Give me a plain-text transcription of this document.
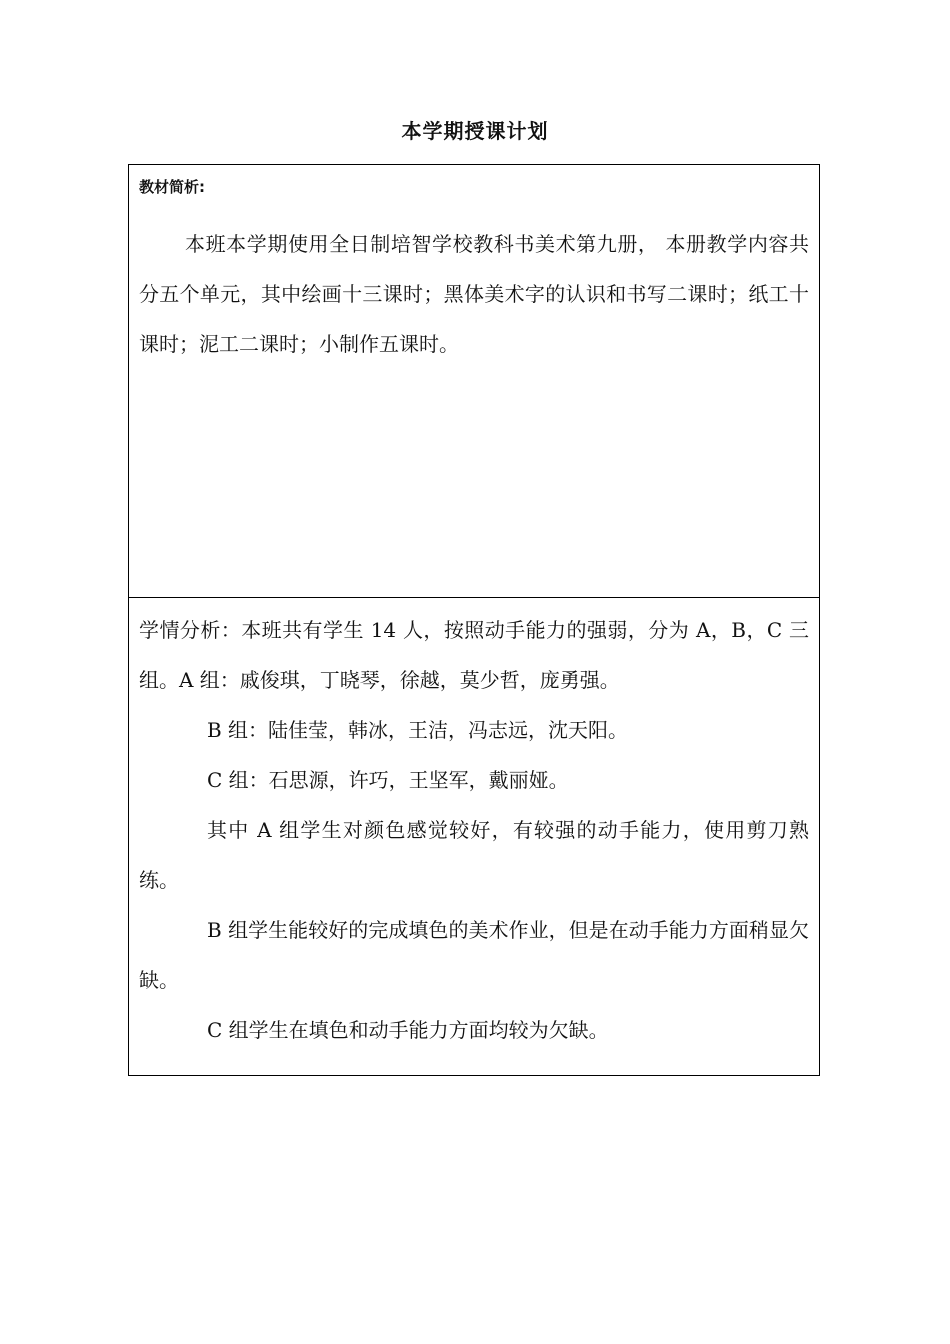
本学期授课计划
教材简析:

本班本学期使用全日制培智学校教科书美术第九册， 本册教学内容共分五个单元，其中绘画十三课时；黑体美术字的认识和书写二课时；纸工十课时；泥工二课时；小制作五课时。

学情分析：本班共有学生 14 人，按照动手能力的强弱，分为 A，B，C 三组。A 组：戚俊琪，丁晓琴，徐越，莫少哲，庞勇强。

B 组：陆佳莹，韩冰，王洁，冯志远，沈天阳。

C 组：石思源，许巧，王坚军，戴丽娅。

其中 A 组学生对颜色感觉较好，有较强的动手能力，使用剪刀熟练。

B 组学生能较好的完成填色的美术作业，但是在动手能力方面稍显欠缺。

C 组学生在填色和动手能力方面均较为欠缺。
